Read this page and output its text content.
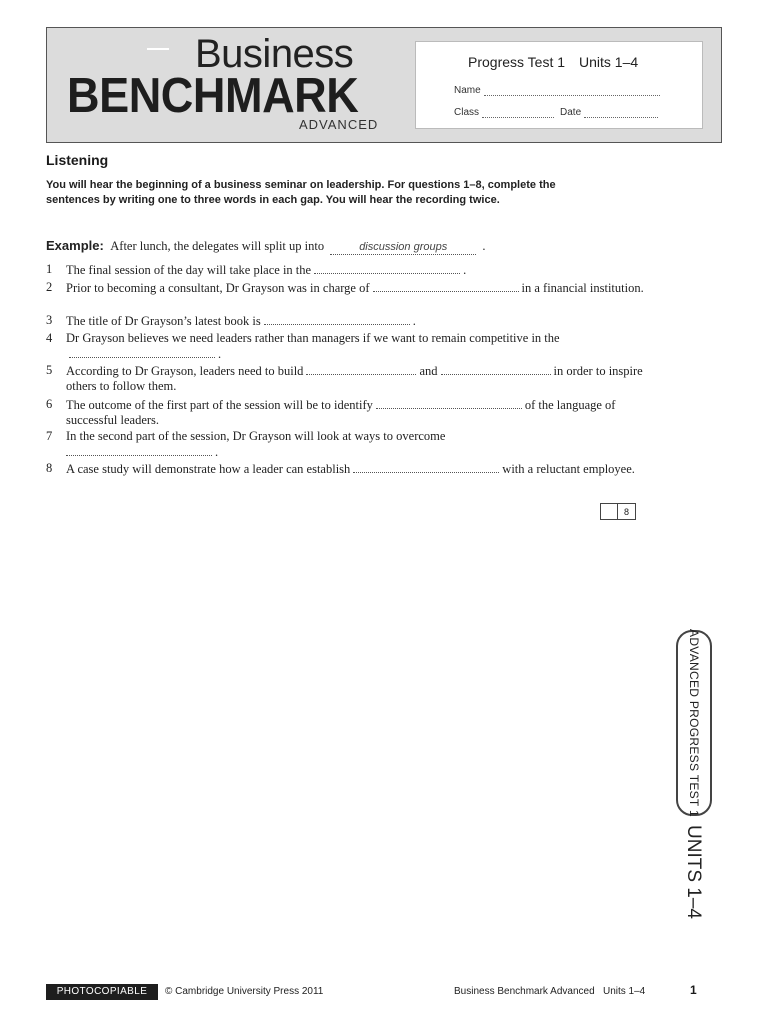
Business
BENCHMARK
ADVANCED
Progress Test 1 Units 1–4
Name
Class	Date
Listening
You will hear the beginning of a business seminar on leadership. For questions 1–8, complete the sentences by writing one to three words in each gap. You will hear the recording twice.
Example: After lunch, the delegates will split up into	discussion groups	.
1	The final session of the day will take place in the	.
2	Prior to becoming a consultant, Dr Grayson was in charge of	in a financial institution.
3	The title of Dr Grayson’s latest book is	.
4	Dr Grayson believes we need leaders rather than managers if we want to remain competitive in the.
5	According to Dr Grayson, leaders need to build	and	in order to inspire others to follow them.
6	The outcome of the first part of the session will be to identify	of the language of successful leaders.
7	In the second part of the session, Dr Grayson will look at ways to overcome
.
8	A case study will demonstrate how a leader can establish	with a reluctant employee.
8
ADVANCED PROGRESS TEST 1
UNITS 1–4
PHOTOCOPIABLE	© Cambridge University Press 2011	Business Benchmark Advanced Units 1–4	1
